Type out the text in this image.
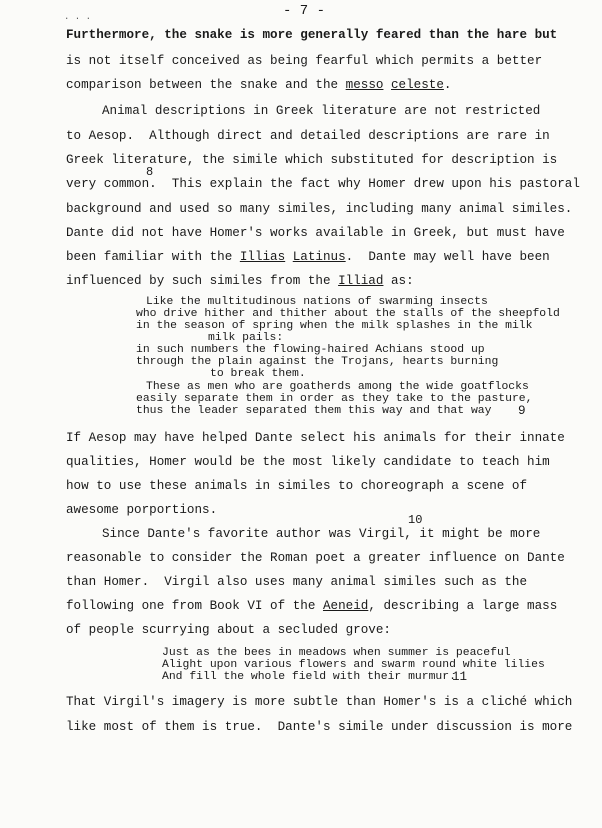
. . .	- 7 -
Furthermore, the snake is more generally feared than the hare but
is not itself conceived as being fearful which permits a better
comparison between the snake and the messo celeste.
Animal descriptions in Greek literature are not restricted
to Aesop.  Although direct and detailed descriptions are rare in
Greek literature, the simile which substituted for description is
8
very common.  This explain the fact why Homer drew upon his pastoral
background and used so many similes, including many animal similes.
Dante did not have Homer's works available in Greek, but must have
been familiar with the Illias Latinus.  Dante may well have been
influenced by such similes from the Illiad as:
Like the multitudinous nations of swarming insects
who drive hither and thither about the stalls of the sheepfold
in the season of spring when the milk splashes in the milk
milk pails:
in such numbers the flowing-haired Achians stood up
through the plain against the Trojans, hearts burning
to break them.
These as men who are goatherds among the wide goatflocks
easily separate them in order as they take to the pasture,
thus the leader separated them this way and that way 9
If Aesop may have helped Dante select his animals for their innate
qualities, Homer would be the most likely candidate to teach him
how to use these animals in similes to choreograph a scene of
awesome porportions.
10
Since Dante's favorite author was Virgil, it might be more
reasonable to consider the Roman poet a greater influence on Dante
than Homer.  Virgil also uses many animal similes such as the
following one from Book VI of the Aeneid, describing a large mass
of people scurrying about a secluded grove:
Just as the bees in meadows when summer is peaceful
Alight upon various flowers and swarm round white lilies
And fill the whole field with their murmur.
11
That Virgil's imagery is more subtle than Homer's is a cliché which
like most of them is true.  Dante's simile under discussion is more
